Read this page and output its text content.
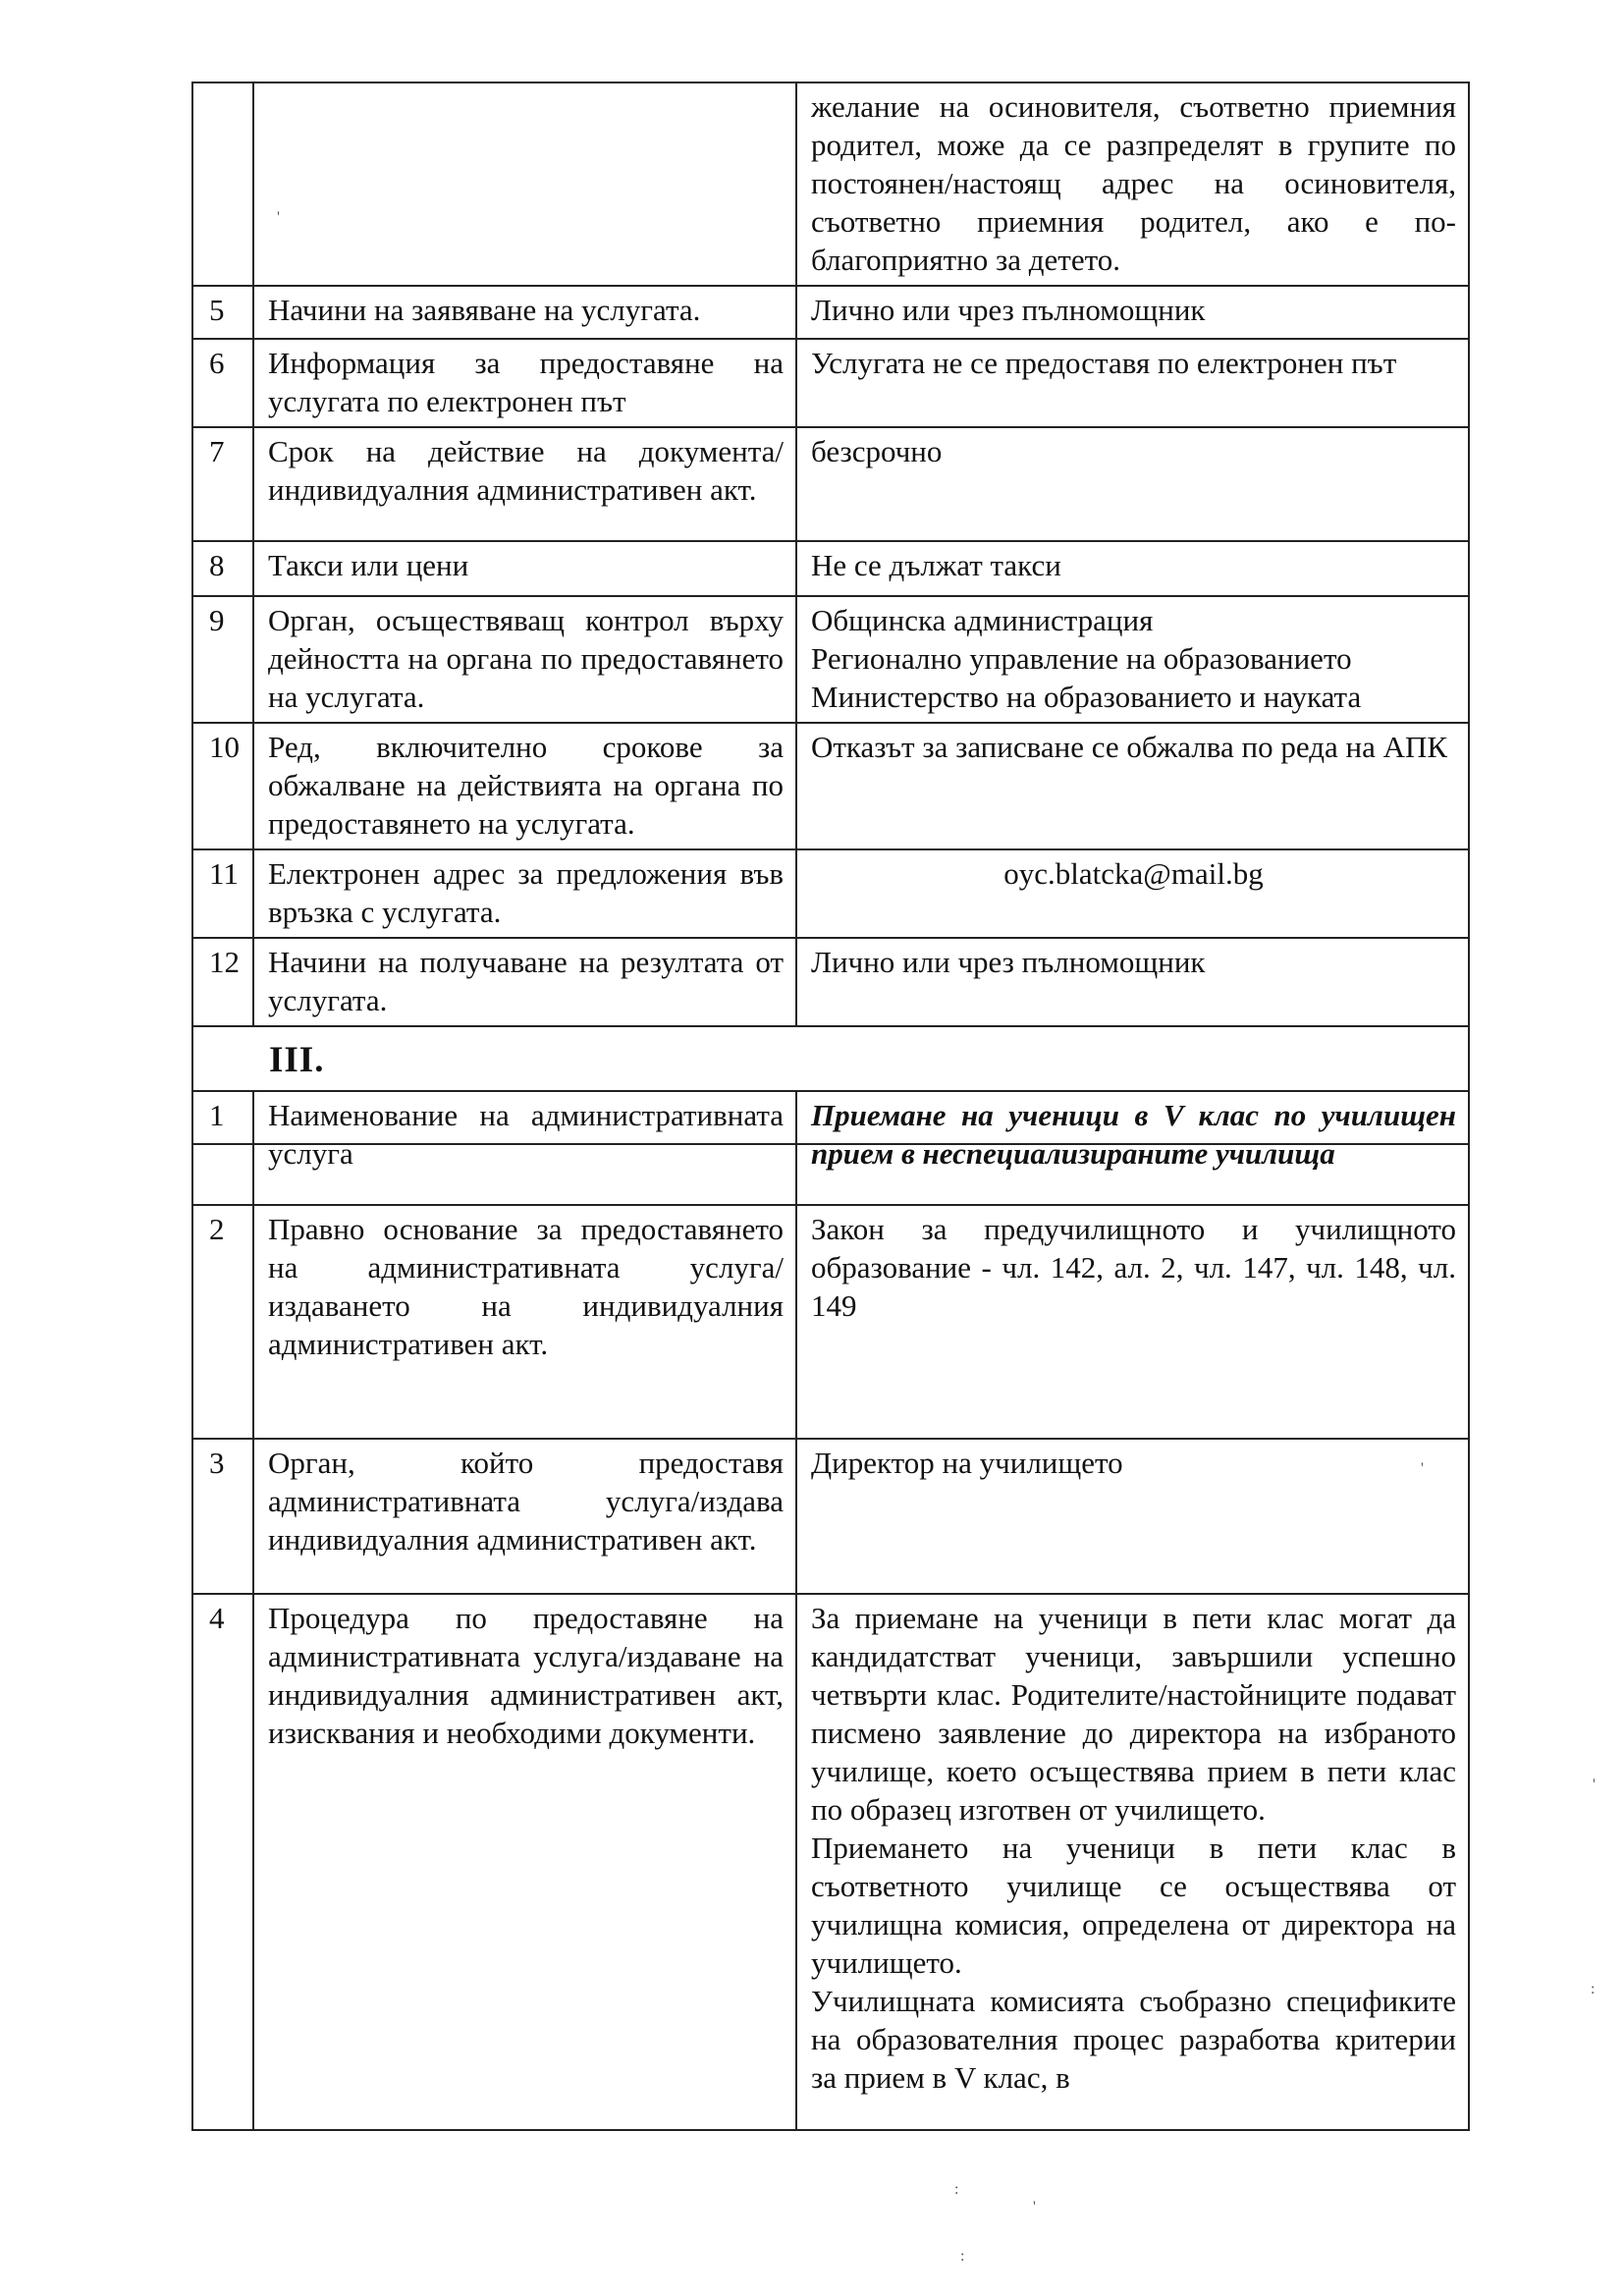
		желание на осиновителя, съответно приемния родител, може да се разпределят в групите по постоянен/настоящ адрес на осиновителя, съответно приемния родител, ако е по-благоприятно за детето.
5	Начини на заявяване на услугата.	Лично или чрез пълномощник
6	Информация за предоставяне на услугата по електронен път	Услугата не се предоставя по електронен път
7	Срок на действие на документа/индивидуалния административен акт.	безсрочно
8	Такси или цени	Не се дължат такси
9	Орган, осъществяващ контрол върху дейността на органа по предоставянето на услугата.	Общинска администрация
Регионално управление на образованието
Министерство на образованието и науката

10	Ред, включително срокове за обжалване на действията на органа по предоставянето на услугата.	Отказът за записване се обжалва по реда на АПК
11	Електронен адрес за предложения във връзка с услугата.	oyc.blatcka@mail.bg
12	Начини на получаване на резултата от услугата.	Лично или чрез пълномощник

III.
1	Наименование на административната услуга	Приемане на ученици в V клас по училищен прием в неспециализираните училища
2	Правно основание за предоставянето на административната услуга/издаването на индивидуалния административен акт.	Закон за предучилищното и училищното образование - чл. 142, ал. 2, чл. 147, чл. 148, чл. 149
3	Орган, който предоставя административната услуга/издава индивидуалния административен акт.	Директор на училището
4	Процедура по предоставяне на административната услуга/издаване на индивидуалния административен акт, изисквания и необходими документи.	За приемане на ученици в пети клас могат да кандидатстват ученици, завършили успешно четвърти клас. Родителите/настойниците подават писмено заявление до директора на избраното училище, което осъществява прием в пети клас по образец изготвен от училището.
Приемането на ученици в пети клас в съответното училище се осъществява от училищна комисия, определена от директора на училището.
Училищната комисията съобразно спецификите на образователния процес разработва критерии за прием в V клас, в
'
'
'
:
:
'
:
